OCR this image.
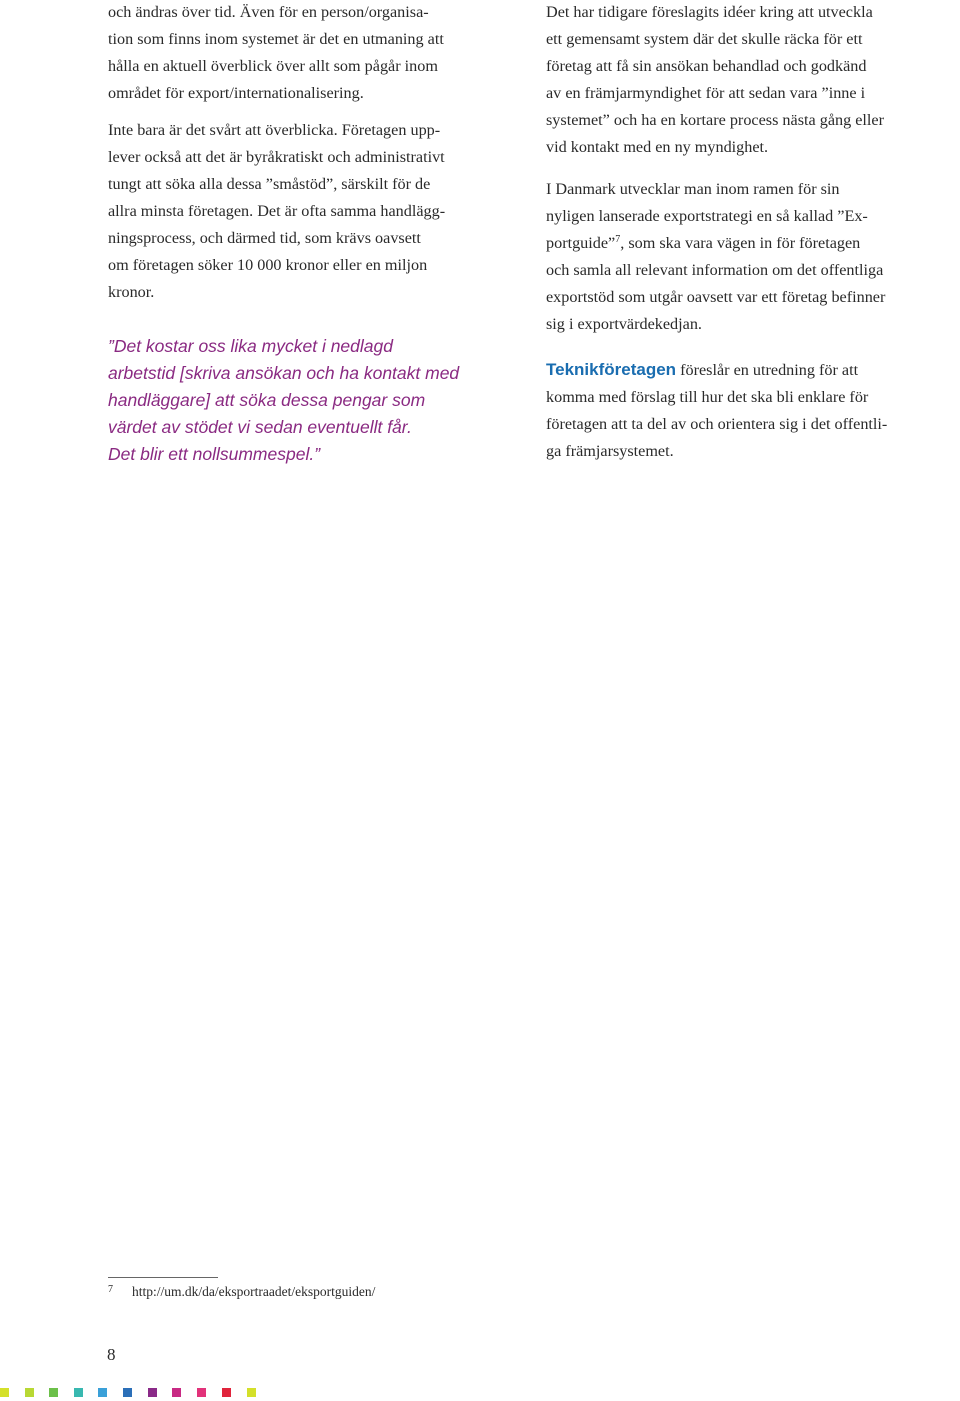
och ändras över tid. Även för en person/organisa-
tion som finns inom systemet är det en utmaning att
hålla en aktuell överblick över allt som pågår inom
området för export/internationalisering.

Inte bara är det svårt att överblicka. Företagen upp-
lever också att det är byråkratiskt och administrativt
tungt att söka alla dessa ”småstöd”, särskilt för de
allra minsta företagen. Det är ofta samma handlägg-
ningsprocess, och därmed tid, som krävs oavsett
om företagen söker 10 000 kronor eller en miljon
kronor.

”Det kostar oss lika mycket i nedlagd
arbetstid [skriva ansökan och ha kontakt med
handläggare] att söka dessa pengar som
värdet av stödet vi sedan eventuellt får.
Det blir ett nollsummespel.”

Det har tidigare föreslagits idéer kring att utveckla
ett gemensamt system där det skulle räcka för ett
företag att få sin ansökan behandlad och godkänd
av en främjarmyndighet för att sedan vara ”inne i
systemet” och ha en kortare process nästa gång eller
vid kontakt med en ny myndighet.

I Danmark utvecklar man inom ramen för sin
nyligen lanserade exportstrategi en så kallad ”Ex-
portguide”$^7$, som ska vara vägen in för företagen
och samla all relevant information om det offentliga
exportstöd som utgår oavsett var ett företag befinner
sig i exportvärdekedjan.

Teknikföretagen föreslår en utredning för att
komma med förslag till hur det ska bli enklare för
företagen att ta del av och orientera sig i det offentli-
ga främjarsystemet.

7 http://um.dk/da/eksportraadet/eksportguiden/
8
